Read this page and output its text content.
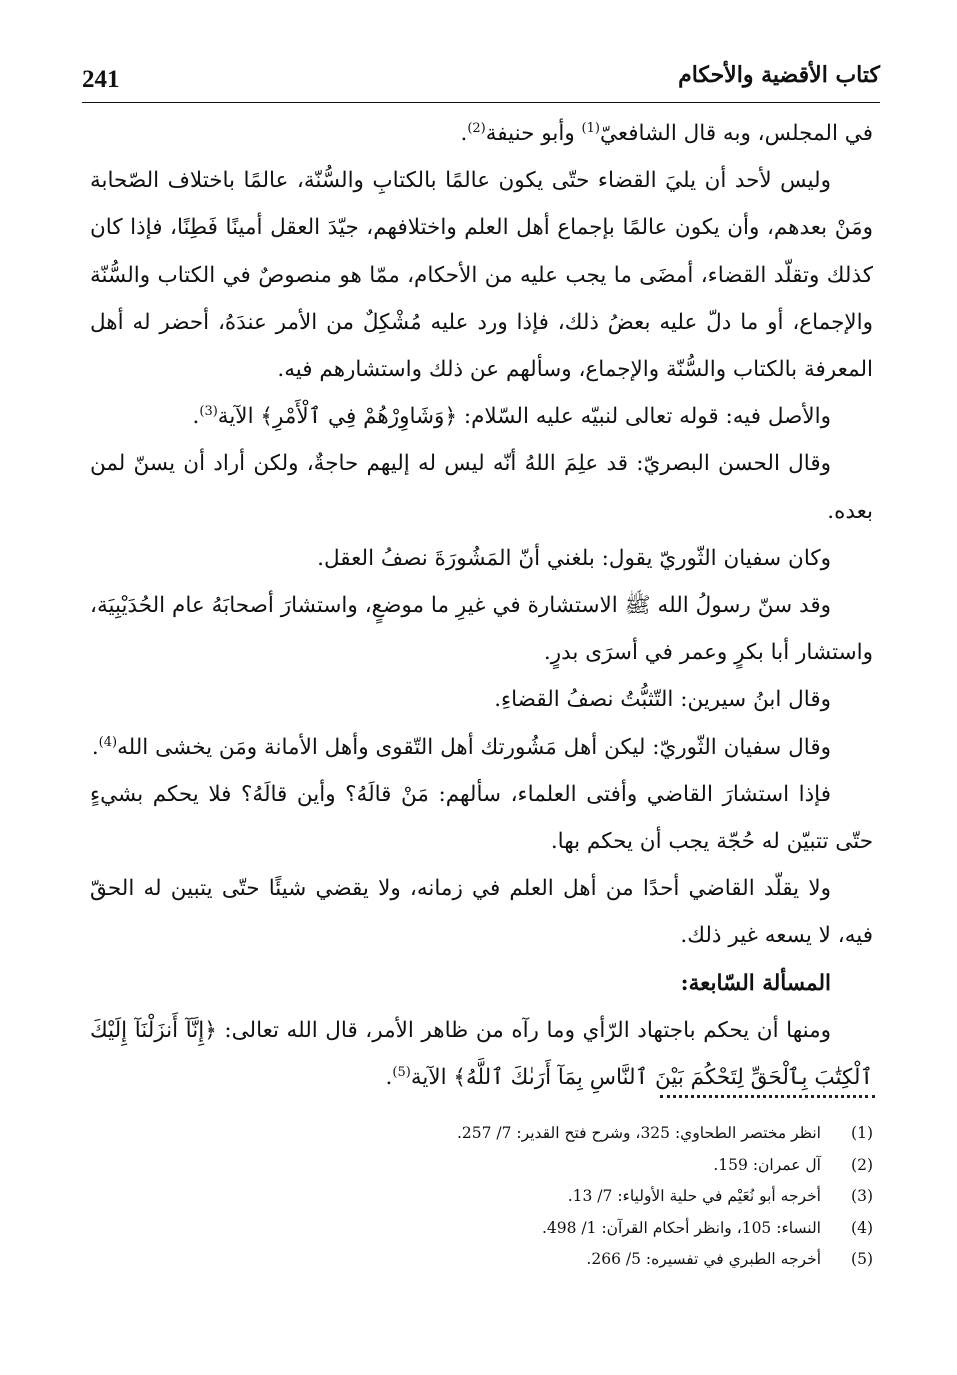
241	كتاب الأقضية والأحكام

في المجلس، وبه قال الشافعيّ$^{(1)}$ وأبو حنيفة$^{(2)}$.

وليس لأحد أن يليَ القضاء حتّى يكون عالمًا بالكتابِ والسُّنّة، عالمًا باختلاف الصّحابة ومَنْ بعدهم، وأن يكون عالمًا بإجماع أهل العلم واختلافهم، جيّدَ العقل أمينًا فَطِنًا، فإذا كان كذلك وتقلّد القضاء، أمضَى ما يجب عليه من الأحكام، ممّا هو منصوصٌ في الكتاب والسُّنّة والإجماع، أو ما دلّ عليه بعضُ ذلك، فإذا ورد عليه مُشْكِلٌ من الأمر عندَهُ، أحضر له أهل المعرفة بالكتاب والسُّنّة والإجماع، وسألهم عن ذلك واستشارهم فيه.

والأصل فيه: قوله تعالى لنبيّه عليه السّلام: ﴿وَشَاوِرْهُمْ فِي ٱلْأَمْرِ﴾ الآية$^{(3)}$.

وقال الحسن البصريّ: قد علِمَ اللهُ أنّه ليس له إليهم حاجةٌ، ولكن أراد أن يسنّ لمن بعده.

وكان سفيان الثّوريّ يقول: بلغني أنّ المَشُورَةَ نصفُ العقل.

وقد سنّ رسولُ الله ﷺ الاستشارة في غيرِ ما موضعٍ، واستشارَ أصحابَهُ عام الحُدَيْبِيَة، واستشار أبا بكرٍ وعمر في أسرَى بدرٍ.

وقال ابنُ سيرين: التّثبُّتُ نصفُ القضاءِ.

وقال سفيان الثّوريّ: ليكن أهل مَشُورتك أهل التّقوى وأهل الأمانة ومَن يخشى الله$^{(4)}$.

فإذا استشارَ القاضي وأفتى العلماء، سألهم: مَنْ قالَهُ؟ وأين قالَهُ؟ فلا يحكم بشيءٍ حتّى تتبيّن له حُجّة يجب أن يحكم بها.

ولا يقلّد القاضي أحدًا من أهل العلم في زمانه، ولا يقضي شيئًا حتّى يتبين له الحقّ فيه، لا يسعه غير ذلك.

المسألة السّابعة:

ومنها أن يحكم باجتهاد الرّأي وما رآه من ظاهر الأمر، قال الله تعالى: ﴿إِنَّآ أَنزَلْنَآ إِلَيْكَ ٱلْكِتَٰبَ بِٱلْحَقِّ لِتَحْكُمَ بَيْنَ ٱلنَّاسِ بِمَآ أَرَىٰكَ ٱللَّهُ﴾ الآية$^{(5)}$.

(1)
انظر مختصر الطحاوي: 325، وشرح فتح القدير: 7/ 257.
(2)
آل عمران: 159.
(3)
أخرجه أبو نُعَيْم في حلية الأولياء: 7/ 13.
(4)
النساء: 105، وانظر أحكام القرآن: 1/ 498.
(5)
أخرجه الطبري في تفسيره: 5/ 266.
